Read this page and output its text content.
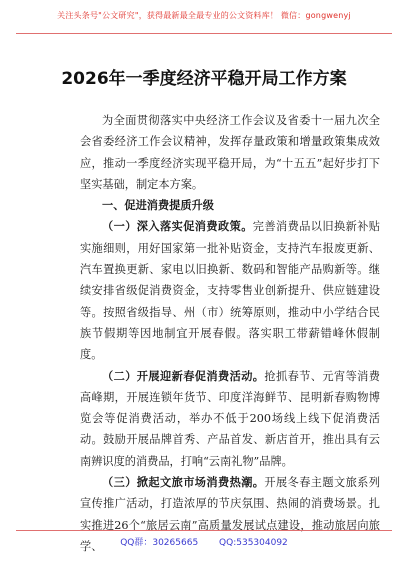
关注头条号"公文研究"，获得最新最全最专业的公文资料库！ 微信：gongwenyj
2026年一季度经济平稳开局工作方案

为全面贯彻落实中央经济工作会议及省委十一届九次全会省委经济工作会议精神，发挥存量政策和增量政策集成效应，推动一季度经济实现平稳开局，为“十五五”起好步打下坚实基础，制定本方案。

一、促进消费提质升级

（一）深入落实促消费政策。完善消费品以旧换新补贴实施细则，用好国家第一批补贴资金，支持汽车报废更新、汽车置换更新、家电以旧换新、数码和智能产品购新等。继续安排省级促消费资金，支持零售业创新提升、供应链建设等。按照省级指导、州（市）统筹原则，推动中小学结合民族节假期等因地制宜开展春假。落实职工带薪错峰休假制度。

（二）开展迎新春促消费活动。抢抓春节、元宵等消费高峰期，开展连锁年货节、印度洋海鲜节、昆明新春购物博览会等促消费活动，举办不低于200场线上线下促消费活动。鼓励开展品牌首秀、产品首发、新店首开，推出具有云南辨识度的消费品，打响“云南礼物”品牌。

（三）掀起文旅市场消费热潮。开展冬春主题文旅系列宣传推广活动，打造浓厚的节庆氛围、热闹的消费场景。扎实推进26个“旅居云南”高质量发展试点建设，推动旅居向旅学、	QQ群：30265665 QQ:535304092
